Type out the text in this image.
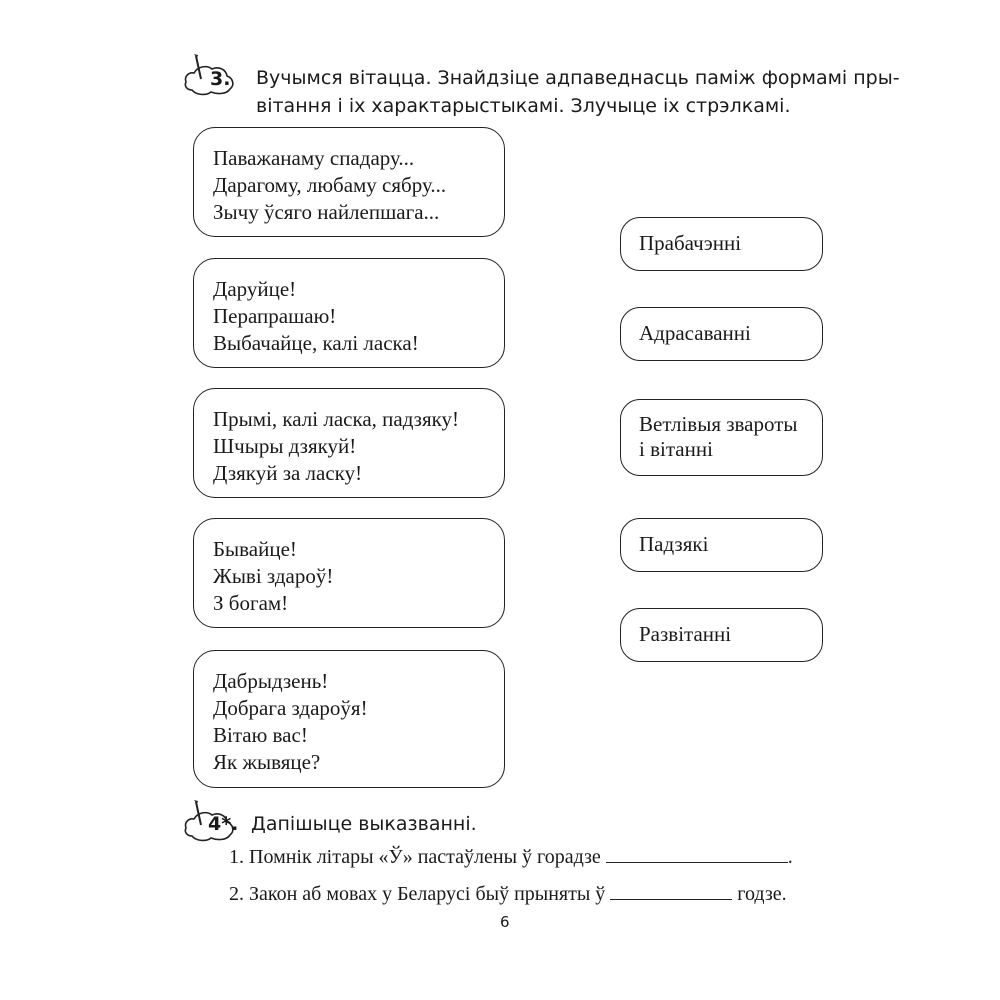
3. Вучымся вітацца. Знайдзіце адпаведнасць паміж формамі пры-
вітання і іх характарыстыкамі. Злучыце іх стрэлкамі.
Паважанаму спадару...
Дарагому, любаму сябру...
Зычу ўсяго найлепшага...
Даруйце!
Перапрашаю!
Выбачайце, калі ласка!
Прымі, калі ласка, падзяку!
Шчыры дзякуй!
Дзякуй за ласку!
Бывайце!
Жыві здароў!
З богам!
Дабрыдзень!
Добрага здароўя!
Вітаю вас!
Як жывяце?
Прабачэнні
Адрасаванні
Ветлівыя звароты
і вітанні
Падзякі
Развітанні
4*. Дапішыце выказванні.
1. Помнік літары «Ў» пастаўлены ў горадзе	.
2. Закон аб мовах у Беларусі быў прыняты ў	годзе.
6
